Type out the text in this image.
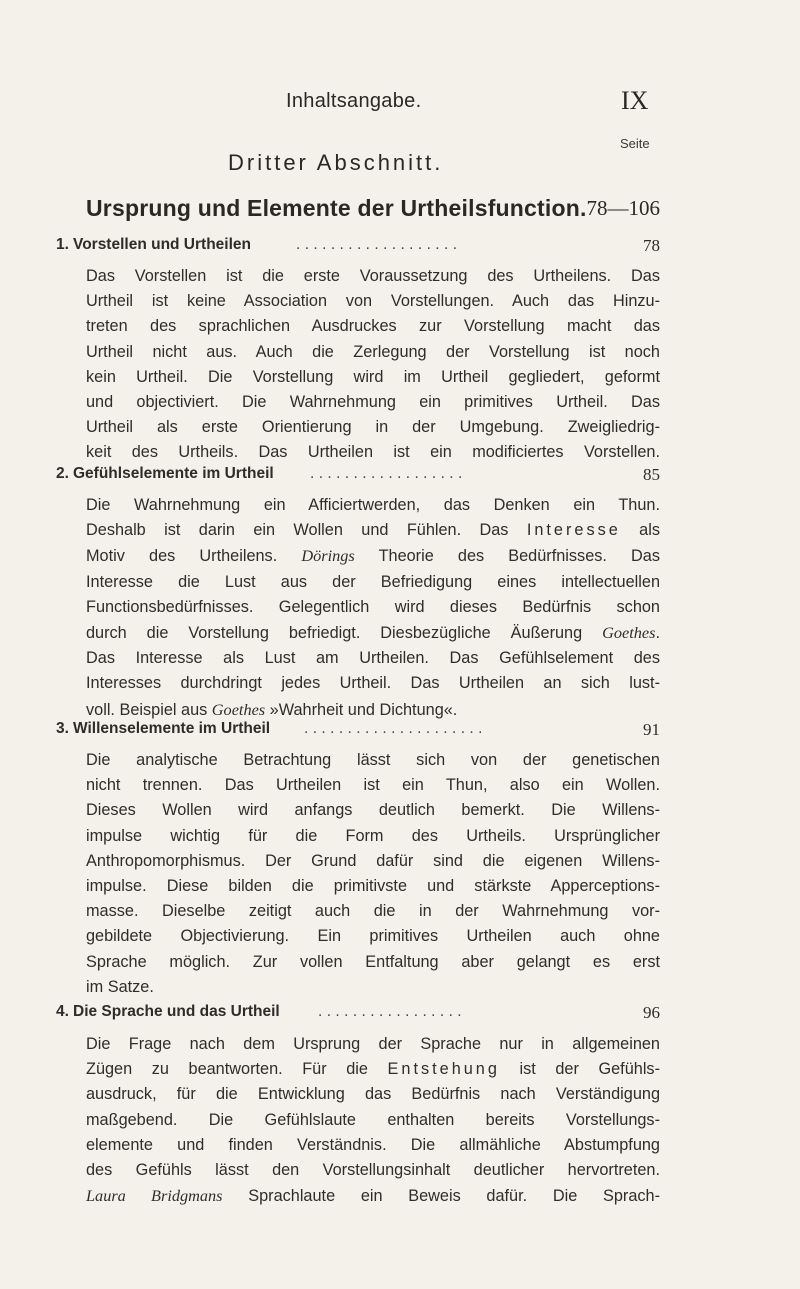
Inhaltsangabe.	IX
Seite
Dritter Abschnitt.
Ursprung und Elemente der Urtheilsfunction. 78—106
1. Vorstellen und Urtheilen	...................	78
Das Vorstellen ist die erste Voraussetzung des Urtheilens. Das
Urtheil ist keine Association von Vorstellungen. Auch das Hinzu-
treten des sprachlichen Ausdruckes zur Vorstellung macht das
Urtheil nicht aus. Auch die Zerlegung der Vorstellung ist noch
kein Urtheil. Die Vorstellung wird im Urtheil gegliedert, geformt
und objectiviert. Die Wahrnehmung ein primitives Urtheil. Das
Urtheil als erste Orientierung in der Umgebung. Zweigliedrig-
keit des Urtheils. Das Urtheilen ist ein modificiertes Vorstellen.
2. Gefühlselemente im Urtheil ..................	85
Die Wahrnehmung ein Afficiertwerden, das Denken ein Thun.
Deshalb ist darin ein Wollen und Fühlen. Das Interesse als
Motiv des Urtheilens. Dörings Theorie des Bedürfnisses. Das
Interesse die Lust aus der Befriedigung eines intellectuellen
Functionsbedürfnisses. Gelegentlich wird dieses Bedürfnis schon
durch die Vorstellung befriedigt. Diesbezügliche Äußerung Goethes.
Das Interesse als Lust am Urtheilen. Das Gefühlselement des
Interesses durchdringt jedes Urtheil. Das Urtheilen an sich lust-
voll. Beispiel aus Goethes »Wahrheit und Dichtung«.
3. Willenselemente im Urtheil .....................	91
Die analytische Betrachtung lässt sich von der genetischen
nicht trennen. Das Urtheilen ist ein Thun, also ein Wollen.
Dieses Wollen wird anfangs deutlich bemerkt. Die Willens-
impulse wichtig für die Form des Urtheils. Ursprünglicher
Anthropomorphismus. Der Grund dafür sind die eigenen Willens-
impulse. Diese bilden die primitivste und stärkste Apperceptions-
masse. Dieselbe zeitigt auch die in der Wahrnehmung vor-
gebildete Objectivierung. Ein primitives Urtheilen auch ohne
Sprache möglich. Zur vollen Entfaltung aber gelangt es erst
im Satze.
4. Die Sprache und das Urtheil .................	96
Die Frage nach dem Ursprung der Sprache nur in allgemeinen
Zügen zu beantworten. Für die Entstehung ist der Gefühls-
ausdruck, für die Entwicklung das Bedürfnis nach Verständigung
maßgebend. Die Gefühlslaute enthalten bereits Vorstellungs-
elemente und finden Verständnis. Die allmähliche Abstumpfung
des Gefühls lässt den Vorstellungsinhalt deutlicher hervortreten.
Laura Bridgmans Sprachlaute ein Beweis dafür. Die Sprach-
